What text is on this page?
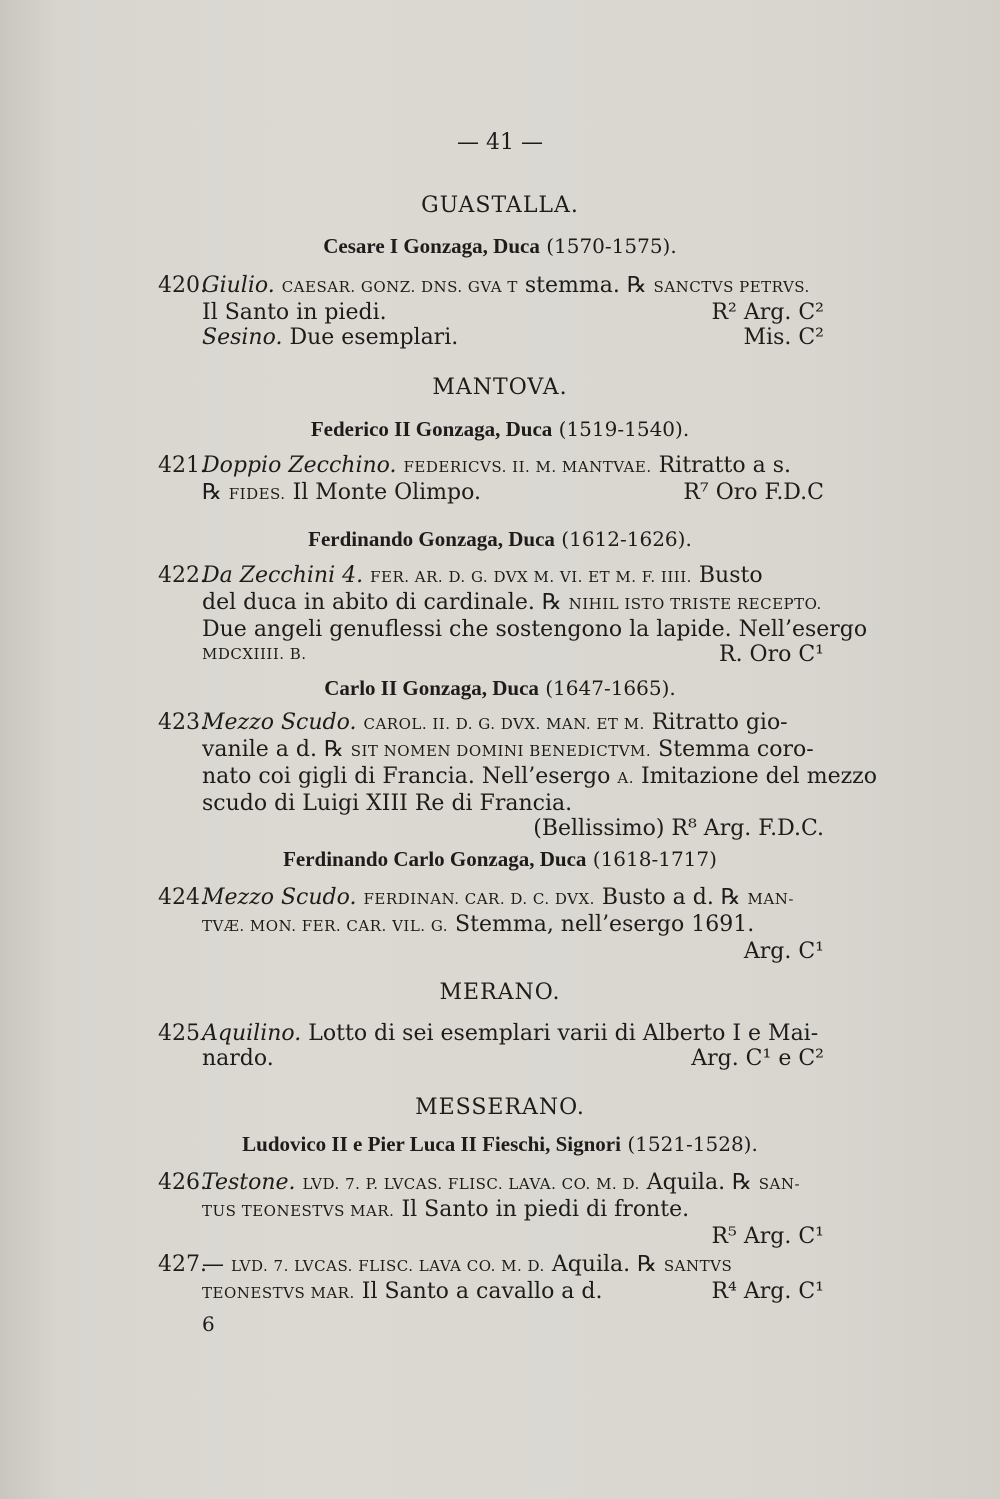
— 41 —
GUASTALLA.
Cesare I Gonzaga, Duca (1570-1575).
420.
Giulio. CAESAR. GONZ. DNS. GVA T stemma. ℞ SANCTVS PETRVS.
Il Santo in piedi.	R² Arg. C²
Sesino. Due esemplari.	Mis. C²
MANTOVA.
Federico II Gonzaga, Duca (1519-1540).
421.
Doppio Zecchino. FEDERICVS. II. M. MANTVAE. Ritratto a s.
℞ FIDES. Il Monte Olimpo.	R⁷ Oro F.D.C
Ferdinando Gonzaga, Duca (1612-1626).
422.
Da Zecchini 4. FER. AR. D. G. DVX M. VI. ET M. F. IIII. Busto
del duca in abito di cardinale. ℞ NIHIL ISTO TRISTE RECEPTO.
Due angeli genuflessi che sostengono la lapide. Nell’esergo
MDCXIIII. B.	R. Oro C¹
Carlo II Gonzaga, Duca (1647-1665).
423.
Mezzo Scudo. CAROL. II. D. G. DVX. MAN. ET M. Ritratto gio-
vanile a d. ℞ SIT NOMEN DOMINI BENEDICTVM. Stemma coro-
nato coi gigli di Francia. Nell’esergo A. Imitazione del mezzo
scudo di Luigi XIII Re di Francia.
(Bellissimo) R⁸ Arg. F.D.C.
Ferdinando Carlo Gonzaga, Duca (1618-1717)
424.
Mezzo Scudo. FERDINAN. CAR. D. C. DVX. Busto a d. ℞ MAN-
TVÆ. MON. FER. CAR. VIL. G. Stemma, nell’esergo 1691.
Arg. C¹
MERANO.
425.
Aquilino. Lotto di sei esemplari varii di Alberto I e Mai-
nardo.	Arg. C¹ e C²
MESSERANO.
Ludovico II e Pier Luca II Fieschi, Signori (1521-1528).
426.
Testone. LVD. 7. P. LVCAS. FLISC. LAVA. CO. M. D. Aquila. ℞ SAN-
TUS TEONESTVS MAR. Il Santo in piedi di fronte.
R⁵ Arg. C¹
427.
— LVD. 7. LVCAS. FLISC. LAVA CO. M. D. Aquila. ℞ SANTVS
TEONESTVS MAR. Il Santo a cavallo a d.	R⁴ Arg. C¹
6
